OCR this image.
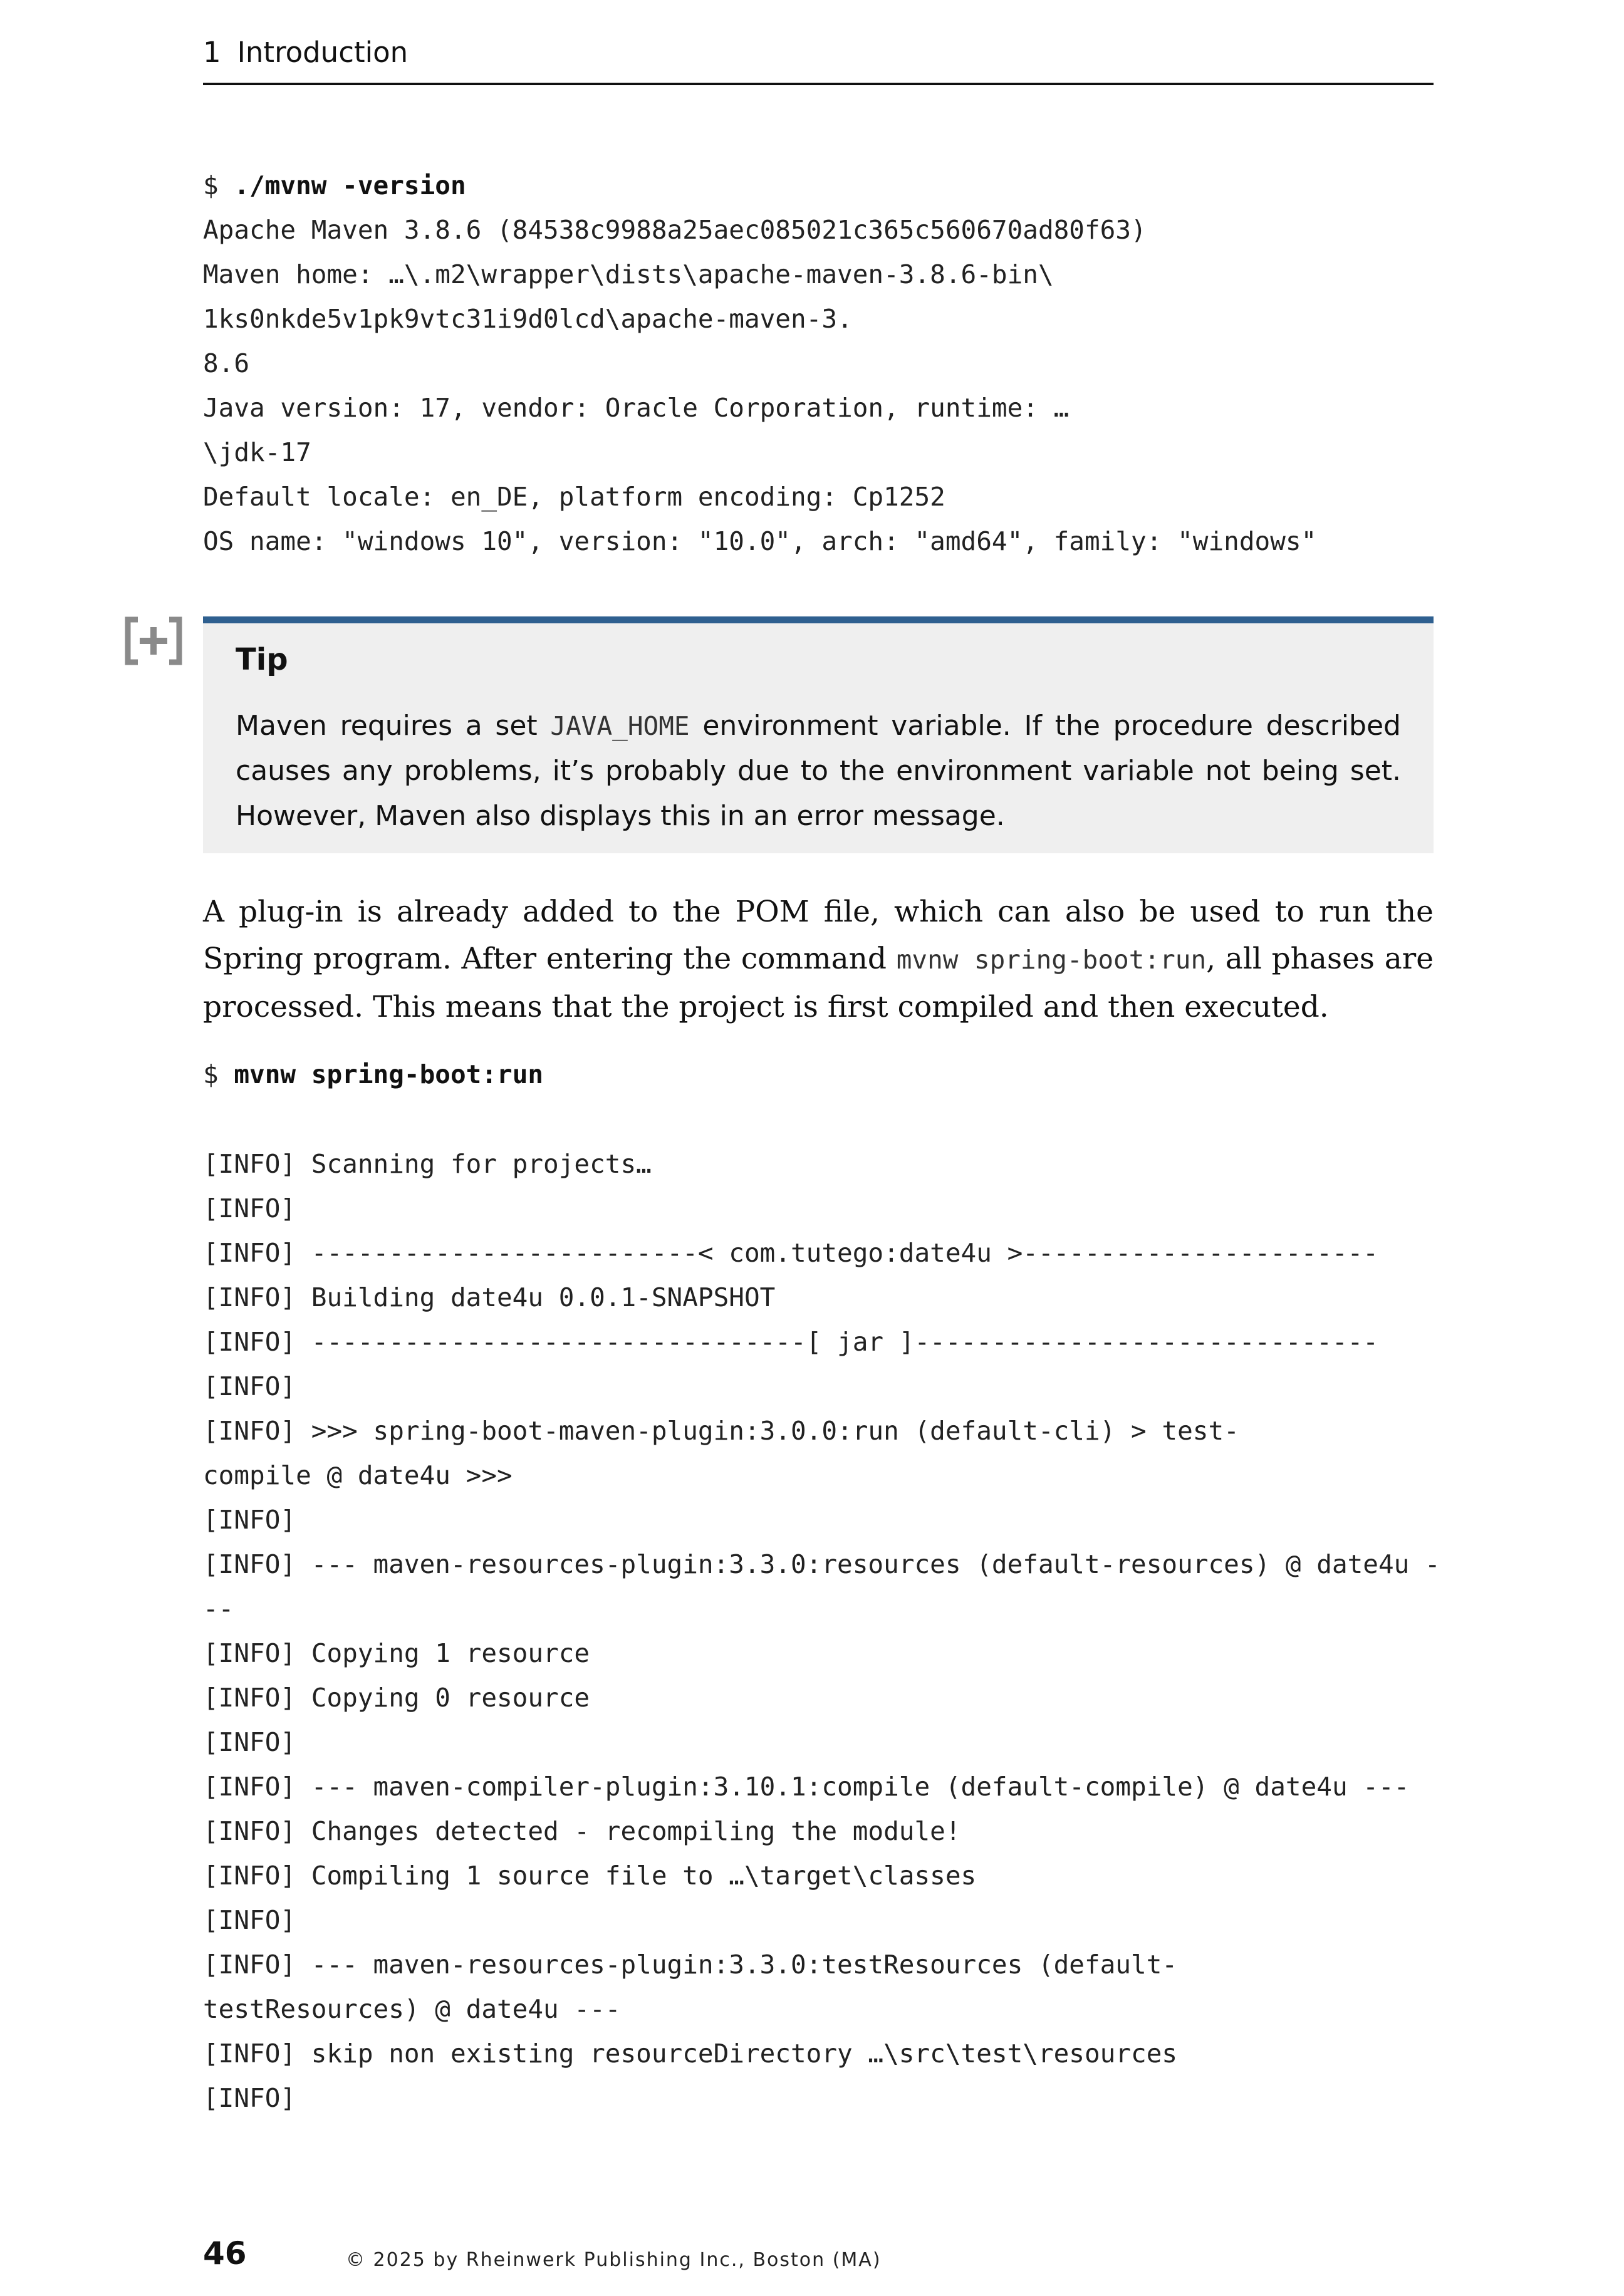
1 Introduction
$ ./mvnw -version
Apache Maven 3.8.6 (84538c9988a25aec085021c365c560670ad80f63)
Maven home: …\.m2\wrapper\dists\apache-maven-3.8.6-bin\
1ks0nkde5v1pk9vtc31i9d0lcd\apache-maven-3.
8.6
Java version: 17, vendor: Oracle Corporation, runtime: …
\jdk-17
Default locale: en_DE, platform encoding: Cp1252
OS name: "windows 10", version: "10.0", arch: "amd64", family: "windows"
Tip
Maven requires a set JAVA_HOME environment variable. If the procedure described causes any problems, it’s probably due to the environment variable not being set. However, Maven also displays this in an error message.
A plug-in is already added to the POM file, which can also be used to run the Spring program. After entering the command mvnw spring-boot:run, all phases are processed. This means that the project is first compiled and then executed.
$ mvnw spring-boot:run
[INFO] Scanning for projects…
[INFO]
[INFO] -------------------------< com.tutego:date4u >-----------------------
[INFO] Building date4u 0.0.1-SNAPSHOT
[INFO] --------------------------------[ jar ]------------------------------
[INFO]
[INFO] >>> spring-boot-maven-plugin:3.0.0:run (default-cli) > test-
compile @ date4u >>>
[INFO]
[INFO] --- maven-resources-plugin:3.3.0:resources (default-resources) @ date4u -
--
[INFO] Copying 1 resource
[INFO] Copying 0 resource
[INFO]
[INFO] --- maven-compiler-plugin:3.10.1:compile (default-compile) @ date4u ---
[INFO] Changes detected - recompiling the module!
[INFO] Compiling 1 source file to …\target\classes
[INFO]
[INFO] --- maven-resources-plugin:3.3.0:testResources (default-
testResources) @ date4u ---
[INFO] skip non existing resourceDirectory …\src\test\resources
[INFO]
46	© 2025 by Rheinwerk Publishing Inc., Boston (MA)
